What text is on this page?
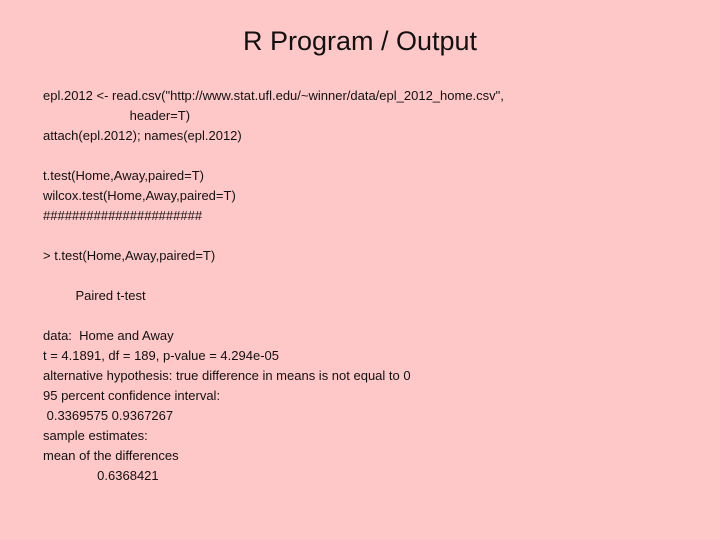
R Program / Output
epl.2012 <- read.csv("http://www.stat.ufl.edu/~winner/data/epl_2012_home.csv",
header=T)
attach(epl.2012); names(epl.2012)
t.test(Home,Away,paired=T)
wilcox.test(Home,Away,paired=T)
######################
> t.test(Home,Away,paired=T)
Paired t-test
data:  Home and Away
t = 4.1891, df = 189, p-value = 4.294e-05
alternative hypothesis: true difference in means is not equal to 0
95 percent confidence interval:
0.3369575 0.9367267
sample estimates:
mean of the differences
0.6368421
